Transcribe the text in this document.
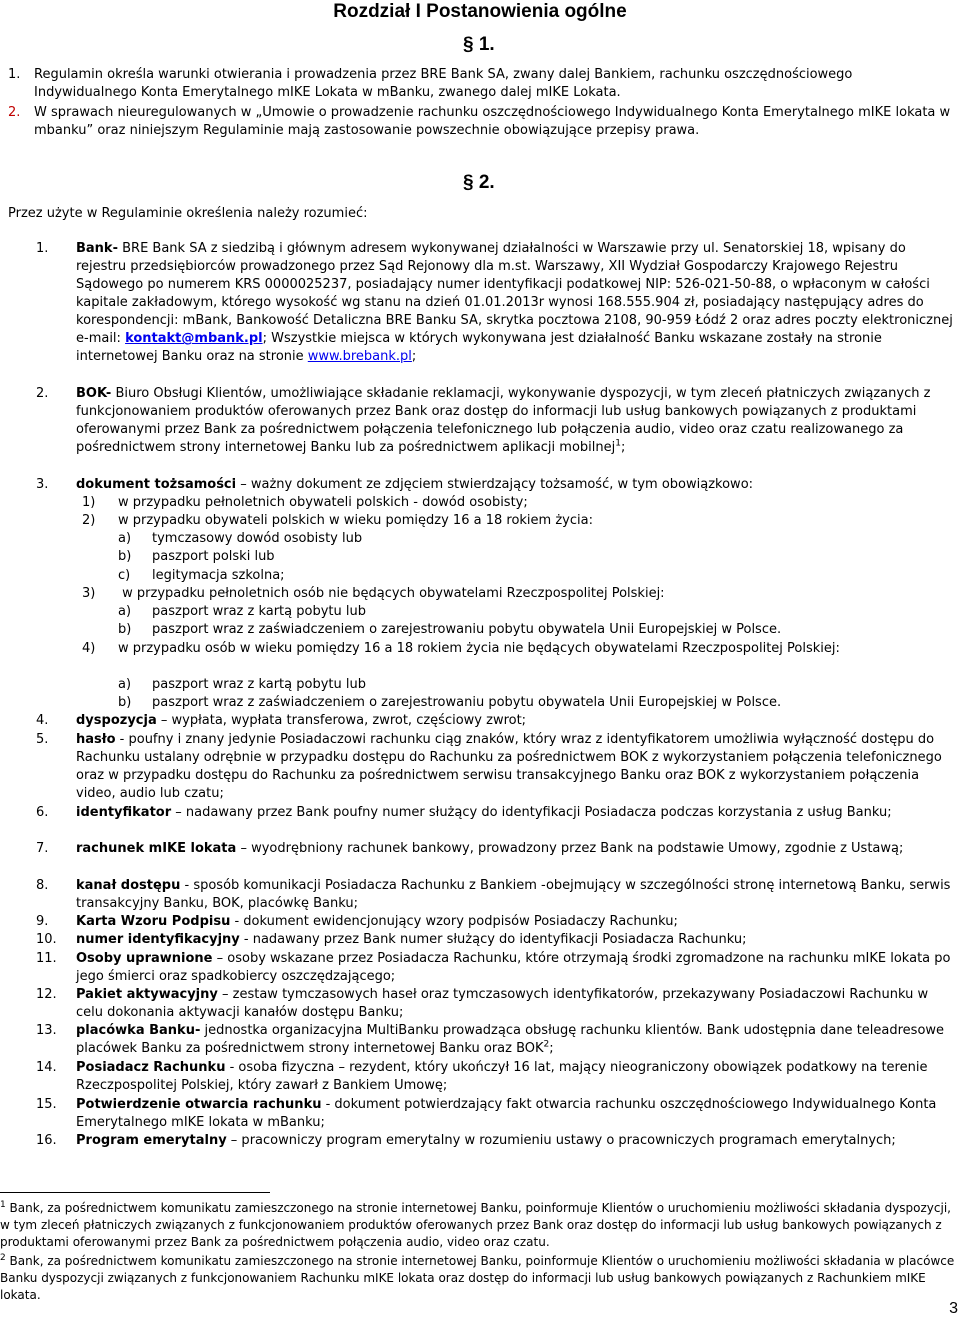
Rozdział I Postanowienia ogólne
§ 1.
1. Regulamin określa warunki otwierania i prowadzenia przez BRE Bank SA, zwany dalej Bankiem, rachunku oszczędnościowego Indywidualnego Konta Emerytalnego mIKE Lokata w mBanku, zwanego dalej mIKE Lokata.
2. W sprawach nieuregulowanych w „Umowie o prowadzenie rachunku oszczędnościowego Indywidualnego Konta Emerytalnego mIKE lokata w mbanku” oraz niniejszym Regulaminie mają zastosowanie powszechnie obowiązujące przepisy prawa.
§ 2.
Przez użyte w Regulaminie określenia należy rozumieć:
1.	Bank- BRE Bank SA z siedzibą i głównym adresem wykonywanej działalności w Warszawie przy ul. Senatorskiej 18, wpisany do rejestru przedsiębiorców prowadzonego przez Sąd Rejonowy dla m.st. Warszawy, XII Wydział Gospodarczy Krajowego Rejestru Sądowego po numerem KRS 0000025237, posiadający numer identyfikacji podatkowej NIP: 526-021-50-88, o wpłaconym w całości kapitale zakładowym, którego wysokość wg stanu na dzień 01.01.2013r wynosi 168.555.904 zł, posiadający następujący adres do korespondencji: mBank, Bankowość Detaliczna BRE Banku SA, skrytka pocztowa 2108, 90-959 Łódź 2 oraz adres poczty elektronicznej e-mail: kontakt@mbank.pl; Wszystkie miejsca w których wykonywana jest działalność Banku wskazane zostały na stronie internetowej Banku oraz na stronie www.brebank.pl;
2.	BOK- Biuro Obsługi Klientów, umożliwiające składanie reklamacji, wykonywanie dyspozycji, w tym zleceń płatniczych związanych z funkcjonowaniem produktów oferowanych przez Bank oraz dostęp do informacji lub usług bankowych powiązanych z produktami oferowanymi przez Bank za pośrednictwem połączenia telefonicznego lub połączenia audio, video oraz czatu realizowanego za pośrednictwem strony internetowej Banku lub za pośrednictwem aplikacji mobilnej$^1$;
3.	dokument tożsamości – ważny dokument ze zdjęciem stwierdzający tożsamość, w tym obowiązkowo:
1) w przypadku pełnoletnich obywateli polskich - dowód osobisty;
2) w przypadku obywateli polskich w wieku pomiędzy 16 a 18 rokiem życia:
a) tymczasowy dowód osobisty lub
b) paszport polski lub
c) legitymacja szkolna;
3) w przypadku pełnoletnich osób nie będących obywatelami Rzeczpospolitej Polskiej:
a) paszport wraz z kartą pobytu lub
b) paszport wraz z zaświadczeniem o zarejestrowaniu pobytu obywatela Unii Europejskiej w Polsce.
4)	w przypadku osób w wieku pomiędzy 16 a 18 rokiem życia nie będących obywatelami Rzeczpospolitej Polskiej:
a) paszport wraz z kartą pobytu lub
b) paszport wraz z zaświadczeniem o zarejestrowaniu pobytu obywatela Unii Europejskiej w Polsce.
4.	dyspozycja – wypłata, wypłata transferowa, zwrot, częściowy zwrot;
5.	hasło - poufny i znany jedynie Posiadaczowi rachunku ciąg znaków, który wraz z identyfikatorem umożliwia wyłączność dostępu do Rachunku ustalany odrębnie w przypadku dostępu do Rachunku za pośrednictwem BOK z wykorzystaniem połączenia telefonicznego oraz w przypadku dostępu do Rachunku za pośrednictwem serwisu transakcyjnego Banku oraz BOK z wykorzystaniem połączenia video, audio lub czatu;
6.	identyfikator – nadawany przez Bank poufny numer służący do identyfikacji Posiadacza podczas korzystania z usług Banku;
7.	rachunek mIKE lokata – wyodrębniony rachunek bankowy, prowadzony przez Bank na podstawie Umowy, zgodnie z Ustawą;
8.	kanał dostępu - sposób komunikacji Posiadacza Rachunku z Bankiem -obejmujący w szczególności stronę internetową Banku, serwis transakcyjny Banku, BOK, placówkę Banku;
9.	Karta Wzoru Podpisu - dokument ewidencjonujący wzory podpisów Posiadaczy Rachunku;
10.	numer identyfikacyjny - nadawany przez Bank numer służący do identyfikacji Posiadacza Rachunku;
11.	Osoby uprawnione – osoby wskazane przez Posiadacza Rachunku, które otrzymają środki zgromadzone na rachunku mIKE lokata po jego śmierci oraz spadkobiercy oszczędzającego;
12.	Pakiet aktywacyjny – zestaw tymczasowych haseł oraz tymczasowych identyfikatorów, przekazywany Posiadaczowi Rachunku w celu dokonania aktywacji kanałów dostępu Banku;
13.	placówka Banku- jednostka organizacyjna MultiBanku prowadząca obsługę rachunku klientów. Bank udostępnia dane teleadresowe placówek Banku za pośrednictwem strony internetowej Banku oraz BOK$^2$;
14.	Posiadacz Rachunku - osoba fizyczna – rezydent, który ukończył 16 lat, mający nieograniczony obowiązek podatkowy na terenie Rzeczpospolitej Polskiej, który zawarł z Bankiem Umowę;
15.	Potwierdzenie otwarcia rachunku - dokument potwierdzający fakt otwarcia rachunku oszczędnościowego Indywidualnego Konta Emerytalnego mIKE lokata w mBanku;
16.	Program emerytalny – pracowniczy program emerytalny w rozumieniu ustawy o pracowniczych programach emerytalnych;
$^1$ Bank, za pośrednictwem komunikatu zamieszczonego na stronie internetowej Banku, poinformuje Klientów o uruchomieniu możliwości składania dyspozycji, w tym zleceń płatniczych związanych z funkcjonowaniem produktów oferowanych przez Bank oraz dostęp do informacji lub usług bankowych powiązanych z produktami oferowanymi przez Bank za pośrednictwem połączenia audio, video oraz czatu.
$^2$ Bank, za pośrednictwem komunikatu zamieszczonego na stronie internetowej Banku, poinformuje Klientów o uruchomieniu możliwości składania w placówce Banku dyspozycji związanych z funkcjonowaniem Rachunku mIKE lokata oraz dostęp do informacji lub usług bankowych powiązanych z Rachunkiem mIKE lokata.
3
